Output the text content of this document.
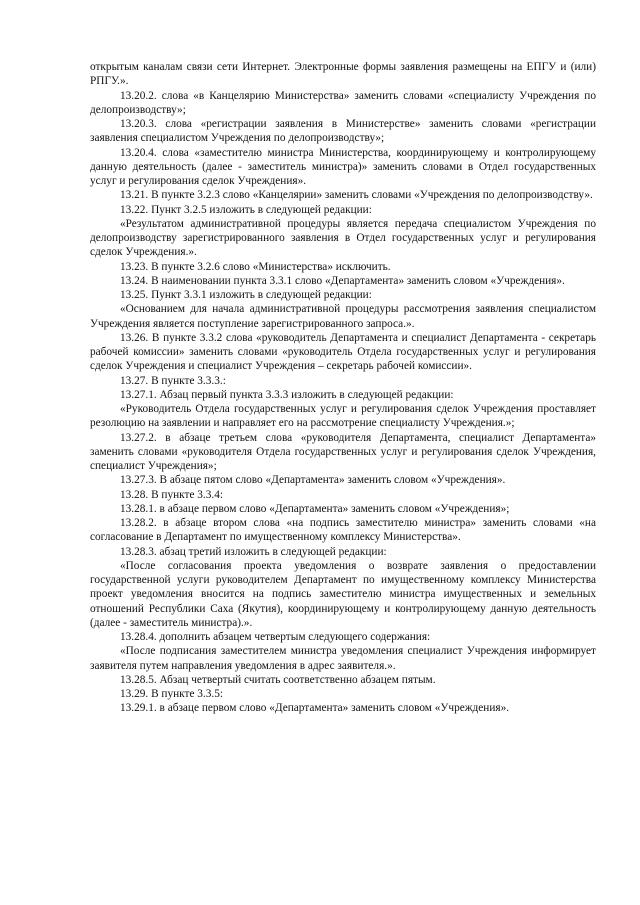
открытым каналам связи сети Интернет. Электронные формы заявления размещены на ЕПГУ и (или) РПГУ.».

13.20.2. слова «в Канцелярию Министерства» заменить словами «специалисту Учреждения по делопроизводству»;

13.20.3. слова «регистрации заявления в Министерстве» заменить словами «регистрации заявления специалистом Учреждения по делопроизводству»;

13.20.4. слова «заместителю министра Министерства, координирующему и контролирующему данную деятельность (далее - заместитель министра)» заменить словами в Отдел государственных услуг и регулирования сделок Учреждения».

13.21. В пункте 3.2.3 слово «Канцелярии» заменить словами «Учреждения по делопроизводству».

13.22. Пункт 3.2.5 изложить в следующей редакции:

«Результатом административной процедуры является передача специалистом Учреждения по делопроизводству зарегистрированного заявления в Отдел государственных услуг и регулирования сделок Учреждения.».

13.23. В пункте 3.2.6 слово «Министерства» исключить.

13.24. В наименовании пункта 3.3.1 слово «Департамента» заменить словом «Учреждения».

13.25. Пункт 3.3.1 изложить в следующей редакции:

«Основанием для начала административной процедуры рассмотрения заявления специалистом Учреждения является поступление зарегистрированного запроса.».

13.26. В пункте 3.3.2 слова «руководитель Департамента и специалист Департамента - секретарь рабочей комиссии» заменить словами «руководитель Отдела государственных услуг и регулирования сделок Учреждения и специалист Учреждения – секретарь рабочей комиссии».

13.27. В пункте 3.3.3.:

13.27.1. Абзац первый пункта 3.3.3 изложить в следующей редакции:

«Руководитель Отдела государственных услуг и регулирования сделок Учреждения проставляет резолюцию на заявлении и направляет его на рассмотрение специалисту Учреждения.»;

13.27.2. в абзаце третьем слова «руководителя Департамента, специалист Департамента» заменить словами «руководителя Отдела государственных услуг и регулирования сделок Учреждения, специалист Учреждения»;

13.27.3. В абзаце пятом слово «Департамента» заменить словом «Учреждения».

13.28. В пункте 3.3.4:

13.28.1. в абзаце первом слово «Департамента» заменить словом «Учреждения»;

13.28.2. в абзаце втором слова «на подпись заместителю министра» заменить словами «на согласование в Департамент по имущественному комплексу Министерства».

13.28.3. абзац третий изложить в следующей редакции:

«После согласования проекта уведомления о возврате заявления о предоставлении государственной услуги руководителем Департамент по имущественному комплексу Министерства проект уведомления вносится на подпись заместителю министра имущественных и земельных отношений Республики Саха (Якутия), координирующему и контролирующему данную деятельность (далее - заместитель министра).».

13.28.4. дополнить абзацем четвертым следующего содержания:

«После подписания заместителем министра уведомления специалист Учреждения информирует заявителя путем направления уведомления в адрес заявителя.».

13.28.5. Абзац четвертый считать соответственно абзацем пятым.

13.29. В пункте 3.3.5:

13.29.1. в абзаце первом слово «Департамента» заменить словом «Учреждения».
